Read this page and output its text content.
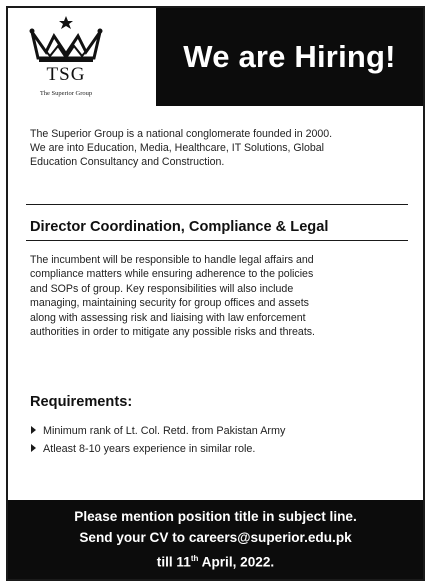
TSG
The Superior Group
We are Hiring!
The Superior Group is a national conglomerate founded in 2000.
We are into Education, Media, Healthcare, IT Solutions, Global
Education Consultancy and Construction.
Director Coordination, Compliance & Legal
The incumbent will be responsible to handle legal affairs and
compliance matters while ensuring adherence to the policies
and SOPs of group. Key responsibilities will also include
managing, maintaining security for group offices and assets
along with assessing risk and liaising with law enforcement
authorities in order to mitigate any possible risks and threats.
Requirements:
Minimum rank of Lt. Col. Retd. from Pakistan Army
Atleast 8-10 years experience in similar role.
Please mention position title in subject line.
Send your CV to careers@superior.edu.pk
till 11th April, 2022.
